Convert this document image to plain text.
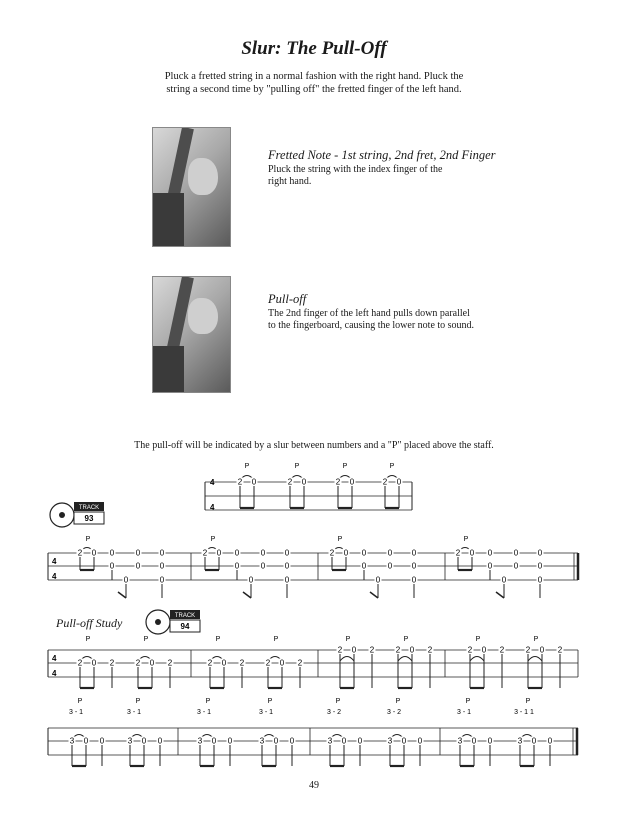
Slur: The Pull-Off
Pluck a fretted string in a normal fashion with the right hand. Pluck the
string a second time by "pulling off" the fretted finger of the left hand.
Fretted Note - 1st string, 2nd fret, 2nd Finger
Pluck the string with the index finger of the
right hand.
Pull-off
The 2nd finger of the left hand pulls down parallel
to the fingerboard, causing the lower note to sound.
The pull-off will be indicated by a slur between numbers and a "P" placed above the staff.
4
4
P
2 0
P
2 0
P
2 0
P
2 0
TRACK
93
4
4
P
2 0 0
0
0
0
0
0
0
0
P
2 0 0
0
0
0
0
0
0
0
P
2 0 0
0
0
0
0
0
0
0
P
2 0 0
0
0
0
0
0
0
0
TRACK
94
4
4
P
2 0 2
P
2 0 2
P
2 0 2
P
2 0 2
P
2 0 2
P
2 0 2
P
2 0 2
P
2 0 2
P
3 - 1
3 0 0
P
3 - 1
3 0 0
P
3 - 1
3 0 0
P
3 - 1
3 0 0
P
3 - 2
3 0 0
P
3 - 2
3 0 0
P
3 - 1
3 0 0
P
3 - 1 1
3 0 0
Pull-off Study
49
